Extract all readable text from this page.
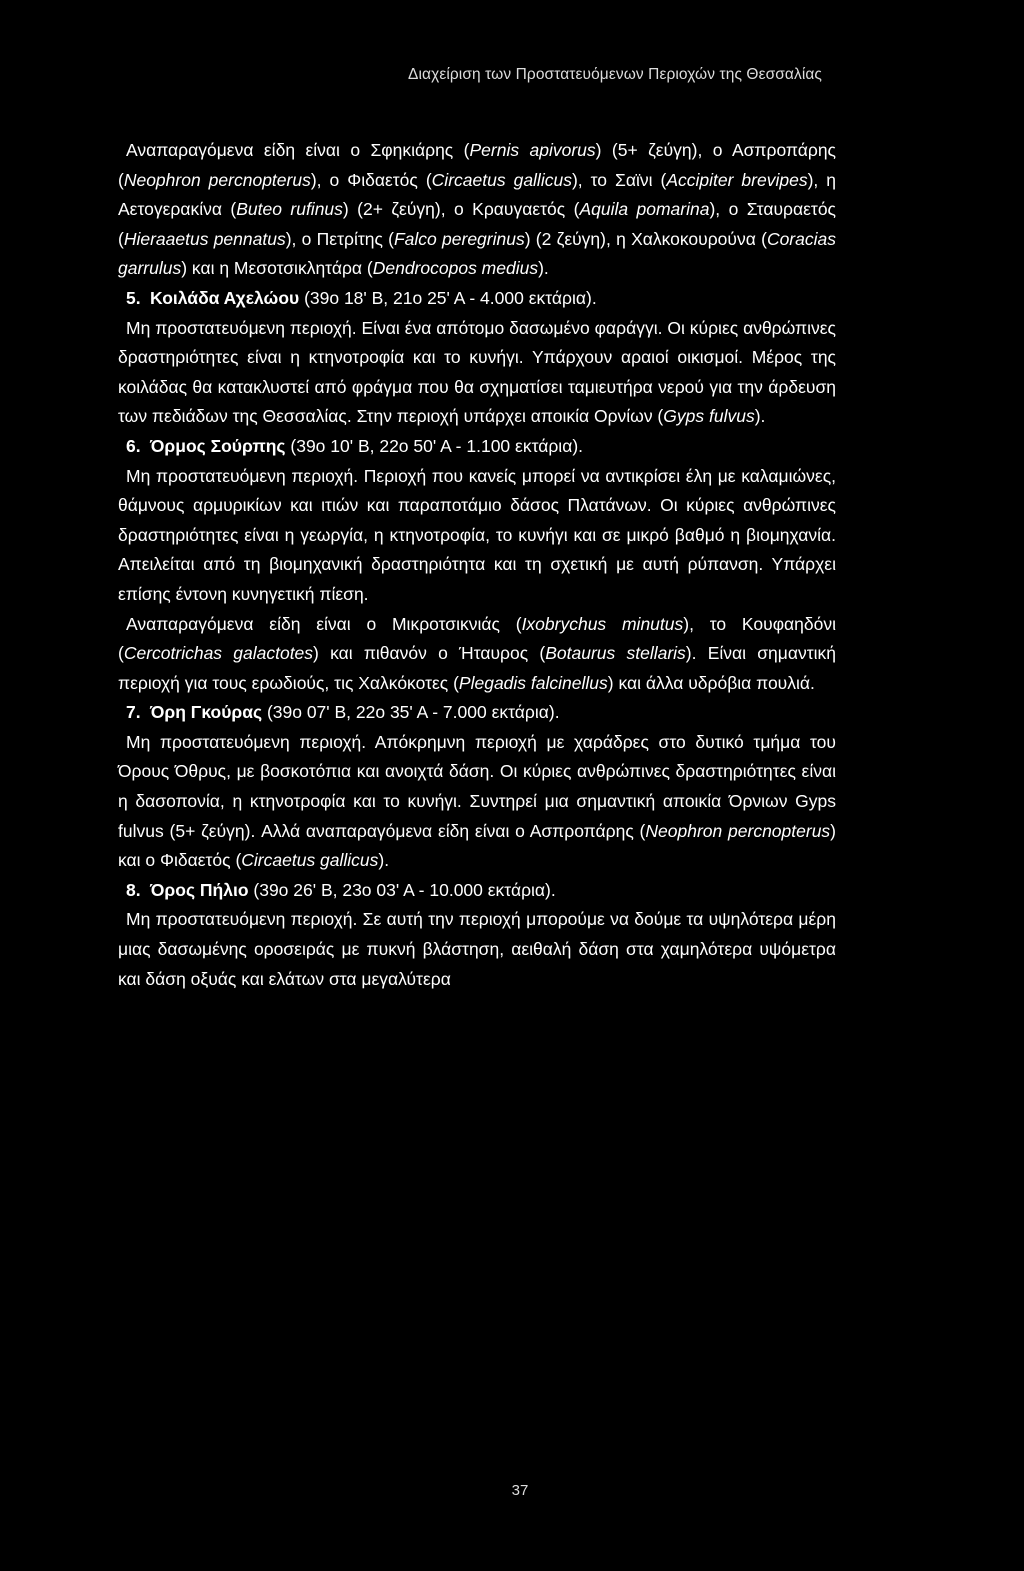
Διαχείριση των Προστατευόμενων Περιοχών της Θεσσαλίας

Αναπαραγόμενα είδη είναι ο Σφηκιάρης (Pernis apivorus) (5+ ζεύγη), ο Ασπροπάρης (Neophron percnopterus), ο Φιδαετός (Circaetus gallicus), το Σαϊνι (Accipiter brevipes), η Αετογερακίνα (Buteo rufinus) (2+ ζεύγη), ο Κραυγαετός (Aquila pomarina), ο Σταυραετός (Hieraaetus pennatus), ο Πετρίτης (Falco peregrinus) (2 ζεύγη), η Χαλκοκουρούνα (Coracias garrulus) και η Μεσοτσικλητάρα (Dendrocopos medius).

5. Κοιλάδα Αχελώου (39ο 18' Β, 21ο 25' Α - 4.000 εκτάρια).

Μη προστατευόμενη περιοχή. Είναι ένα απότομο δασωμένο φαράγγι. Οι κύριες ανθρώπινες δραστηριότητες είναι η κτηνοτροφία και το κυνήγι. Υπάρχουν αραιοί οικισμοί. Μέρος της κοιλάδας θα κατακλυστεί από φράγμα που θα σχηματίσει ταμιευτήρα νερού για την άρδευση των πεδιάδων της Θεσσαλίας. Στην περιοχή υπάρχει αποικία Ορνίων (Gyps fulvus).

6. Όρμος Σούρπης (39ο 10' Β, 22ο 50' Α - 1.100 εκτάρια).

Μη προστατευόμενη περιοχή. Περιοχή που κανείς μπορεί να αντικρίσει έλη με καλαμιώνες, θάμνους αρμυρικίων και ιτιών και παραποτάμιο δάσος Πλατάνων. Οι κύριες ανθρώπινες δραστηριότητες είναι η γεωργία, η κτηνοτροφία, το κυνήγι και σε μικρό βαθμό η βιομηχανία. Απειλείται από τη βιομηχανική δραστηριότητα και τη σχετική με αυτή ρύπανση. Υπάρχει επίσης έντονη κυνηγετική πίεση.

Αναπαραγόμενα είδη είναι ο Μικροτσικνιάς (Ixobrychus minutus), το Κουφαηδόνι (Cercotrichas galactotes) και πιθανόν ο Ήταυρος (Botaurus stellaris). Είναι σημαντική περιοχή για τους ερωδιούς, τις Χαλκόκοτες (Plegadis falcinellus) και άλλα υδρόβια πουλιά.

7. Όρη Γκούρας (39ο 07' Β, 22ο 35' Α - 7.000 εκτάρια).

Μη προστατευόμενη περιοχή. Απόκρημνη περιοχή με χαράδρες στο δυτικό τμήμα του Όρους Όθρυς, με βοσκοτόπια και ανοιχτά δάση. Οι κύριες ανθρώπινες δραστηριότητες είναι η δασοπονία, η κτηνοτροφία και το κυνήγι. Συντηρεί μια σημαντική αποικία Όρνιων Gyps fulvus (5+ ζεύγη). Αλλά αναπαραγόμενα είδη είναι ο Ασπροπάρης (Neophron percnopterus) και ο Φιδαετός (Circaetus gallicus).

8. Όρος Πήλιο (39ο 26' Β, 23ο 03' Α - 10.000 εκτάρια).

Μη προστατευόμενη περιοχή. Σε αυτή την περιοχή μπορούμε να δούμε τα υψηλότερα μέρη μιας δασωμένης οροσειράς με πυκνή βλάστηση, αειθαλή δάση στα χαμηλότερα υψόμετρα και δάση οξυάς και ελάτων στα μεγαλύτερα

37
